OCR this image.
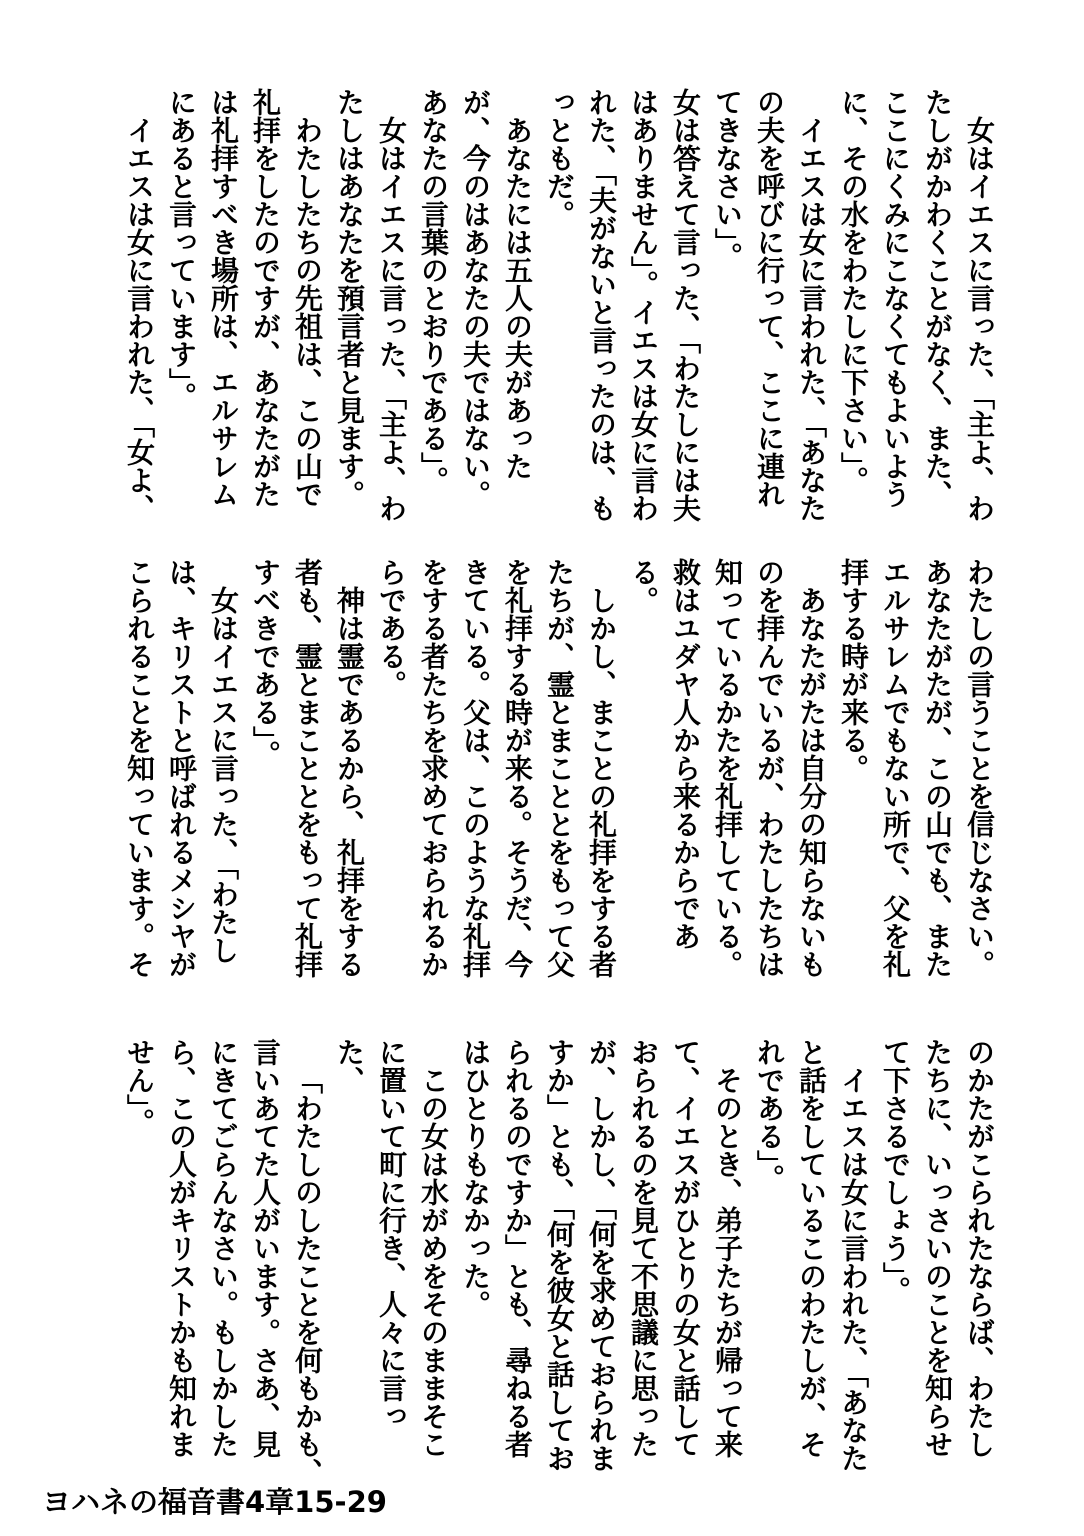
女はイエスに言った、「主よ、わ
たしがかわくことがなく、また、
ここにくみにこなくてもよいよう
に、その水をわたしに下さい」。
イエスは女に言われた、「あなた
の夫を呼びに行って、ここに連れ
てきなさい」。
女は答えて言った、「わたしには夫
はありません」。イエスは女に言わ
れた、「夫がないと言ったのは、も
っともだ。
あなたには五人の夫があった
が、今のはあなたの夫ではない。
あなたの言葉のとおりである」。
女はイエスに言った、「主よ、わ
たしはあなたを預言者と見ます。
わたしたちの先祖は、この山で
礼拝をしたのですが、あなたがた
は礼拝すべき場所は、エルサレム
にあると言っています」。
イエスは女に言われた、「女よ、
わたしの言うことを信じなさい。
あなたがたが、この山でも、また
エルサレムでもない所で、父を礼
拝する時が来る。
あなたがたは自分の知らないも
のを拝んでいるが、わたしたちは
知っているかたを礼拝している。
救はユダヤ人から来るからであ
る。
しかし、まことの礼拝をする者
たちが、霊とまこととをもって父
を礼拝する時が来る。そうだ、今
きている。父は、このような礼拝
をする者たちを求めておられるか
らである。
神は霊であるから、礼拝をする
者も、霊とまこととをもって礼拝
すべきである」。
女はイエスに言った、「わたし
は、キリストと呼ばれるメシヤが
こられることを知っています。そ
のかたがこられたならば、わたし
たちに、いっさいのことを知らせ
て下さるでしょう」。
イエスは女に言われた、「あなた
と話をしているこのわたしが、そ
れである」。
そのとき、弟子たちが帰って来
て、イエスがひとりの女と話して
おられるのを見て不思議に思った
が、しかし、「何を求めておられま
すか」とも、「何を彼女と話してお
られるのですか」とも、尋ねる者
はひとりもなかった。
この女は水がめをそのままそこ
に置いて町に行き、人々に言っ
た、
「わたしのしたことを何もかも、
言いあてた人がいます。さあ、見
にきてごらんなさい。もしかした
ら、この人がキリストかも知れま
せん」。
ヨハネの福音書4章15-29
